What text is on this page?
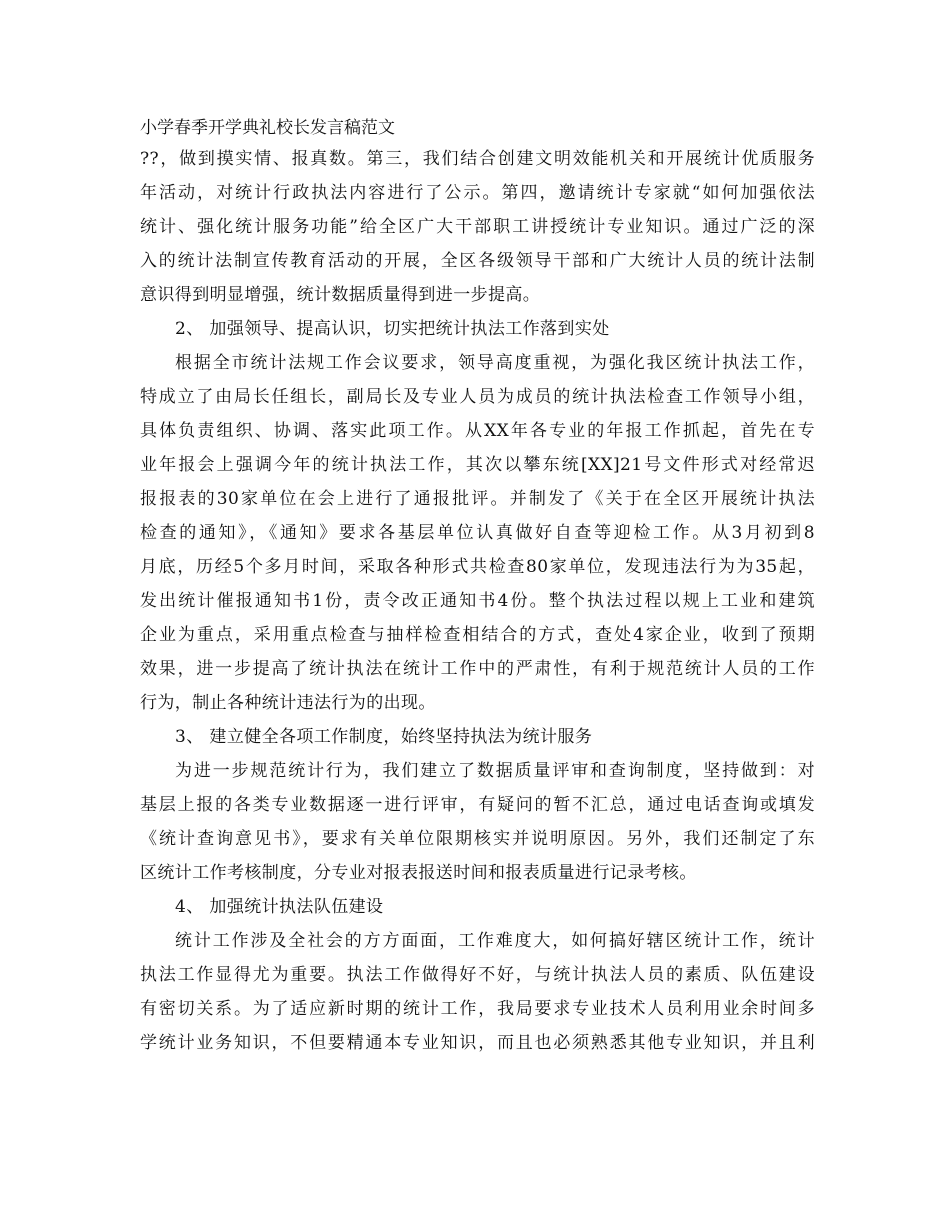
小学春季开学典礼校长发言稿范文
??，做到摸实情、报真数。第三，我们结合创建文明效能机关和开展统计优质服务
年活动，对统计行政执法内容进行了公示。第四，邀请统计专家就“如何加强依法
统计、强化统计服务功能”给全区广大干部职工讲授统计专业知识。通过广泛的深
入的统计法制宣传教育活动的开展，全区各级领导干部和广大统计人员的统计法制
意识得到明显增强，统计数据质量得到进一步提高。
2、 加强领导、提高认识，切实把统计执法工作落到实处
根据全市统计法规工作会议要求，领导高度重视，为强化我区统计执法工作，
特成立了由局长任组长，副局长及专业人员为成员的统计执法检查工作领导小组，
具体负责组织、协调、落实此项工作。从XX年各专业的年报工作抓起，首先在专
业年报会上强调今年的统计执法工作，其次以攀东统[XX]21号文件形式对经常迟
报报表的30家单位在会上进行了通报批评。并制发了《关于在全区开展统计执法
检查的通知》，《通知》要求各基层单位认真做好自查等迎检工作。从3月初到8
月底，历经5个多月时间，采取各种形式共检查80家单位，发现违法行为为35起，
发出统计催报通知书1份，责令改正通知书4份。整个执法过程以规上工业和建筑
企业为重点，采用重点检查与抽样检查相结合的方式，查处4家企业，收到了预期
效果，进一步提高了统计执法在统计工作中的严肃性，有利于规范统计人员的工作
行为，制止各种统计违法行为的出现。
3、 建立健全各项工作制度，始终坚持执法为统计服务
为进一步规范统计行为，我们建立了数据质量评审和查询制度，坚持做到：对
基层上报的各类专业数据逐一进行评审，有疑问的暂不汇总，通过电话查询或填发
《统计查询意见书》，要求有关单位限期核实并说明原因。另外，我们还制定了东
区统计工作考核制度，分专业对报表报送时间和报表质量进行记录考核。
4、 加强统计执法队伍建设
统计工作涉及全社会的方方面面，工作难度大，如何搞好辖区统计工作，统计
执法工作显得尤为重要。执法工作做得好不好，与统计执法人员的素质、队伍建设
有密切关系。为了适应新时期的统计工作，我局要求专业技术人员利用业余时间多
学统计业务知识，不但要精通本专业知识，而且也必须熟悉其他专业知识，并且利
